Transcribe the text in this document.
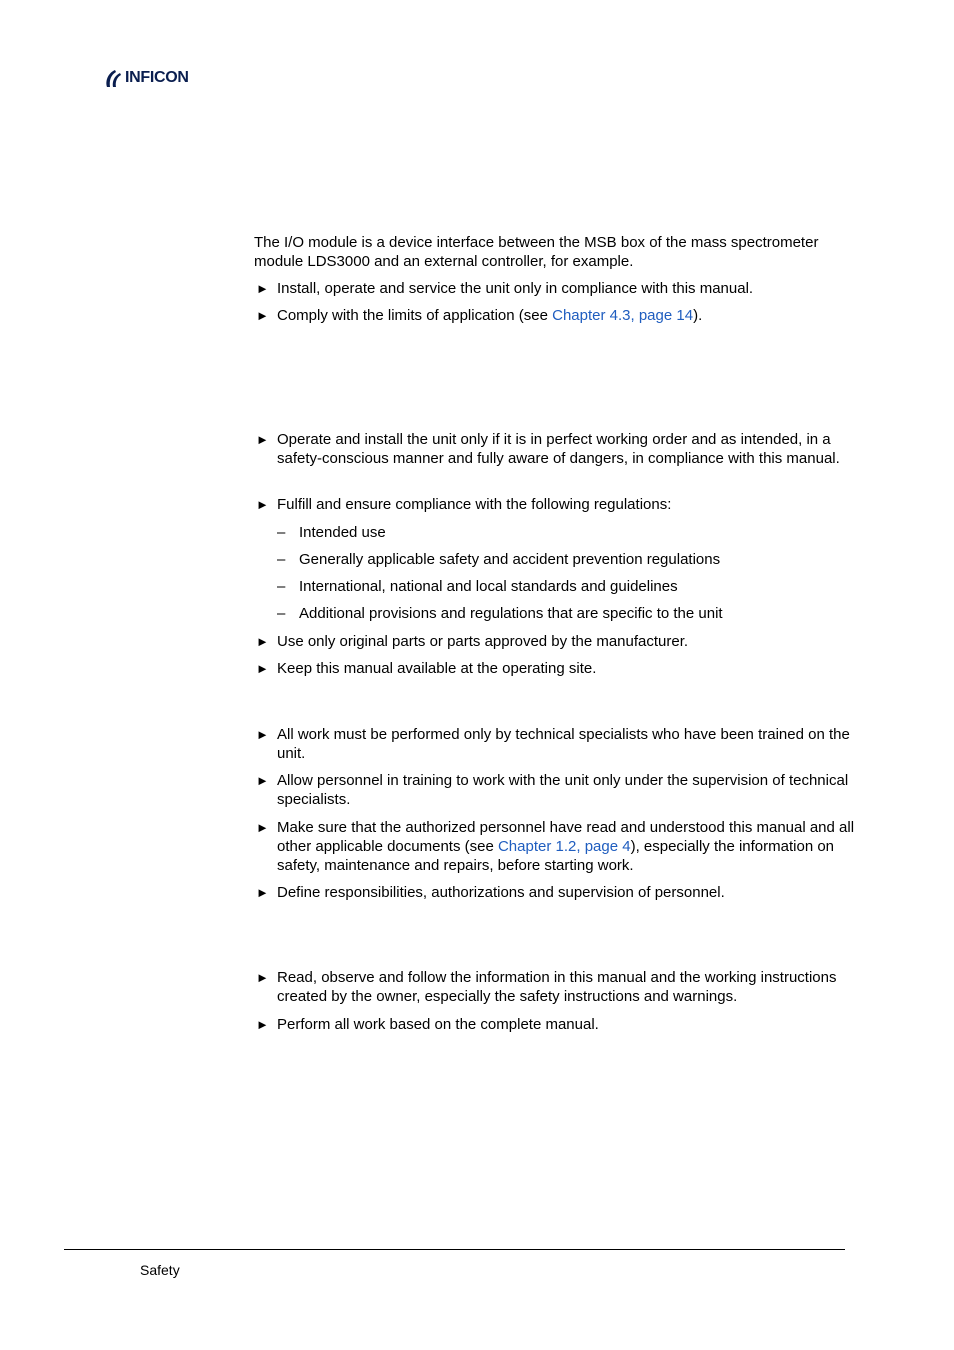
INFICON

The I/O module is a device interface between the MSB box of the mass spectrometer module LDS3000 and an external controller, for example.

► Install, operate and service the unit only in compliance with this manual.
► Comply with the limits of application (see Chapter 4.3, page 14).
► Operate and install the unit only if it is in perfect working order and as intended, in a safety-conscious manner and fully aware of dangers, in compliance with this manual.
► Fulfill and ensure compliance with the following regulations:
– Intended use
– Generally applicable safety and accident prevention regulations
– International, national and local standards and guidelines
– Additional provisions and regulations that are specific to the unit
► Use only original parts or parts approved by the manufacturer.
► Keep this manual available at the operating site.
► All work must be performed only by technical specialists who have been trained on the unit.
► Allow personnel in training to work with the unit only under the supervision of technical specialists.
► Make sure that the authorized personnel have read and understood this manual and all other applicable documents (see Chapter 1.2, page 4), especially the information on safety, maintenance and repairs, before starting work.
► Define responsibilities, authorizations and supervision of personnel.
► Read, observe and follow the information in this manual and the working instructions created by the owner, especially the safety instructions and warnings.
► Perform all work based on the complete manual.
Safety
